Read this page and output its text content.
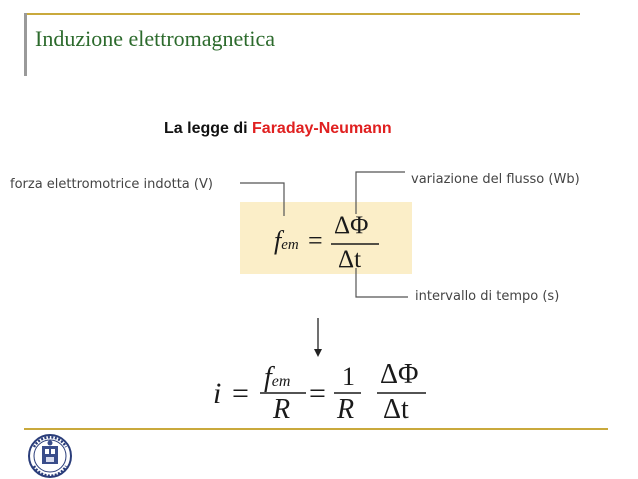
Induzione elettromagnetica
La legge di Faraday-Neumann
forza elettromotrice indotta (V)	variazione del flusso (Wb)
intervallo di tempo (s)
fem =
ΔΦ
Δt
i = fem
R =
1
R
ΔΦ
Δt
